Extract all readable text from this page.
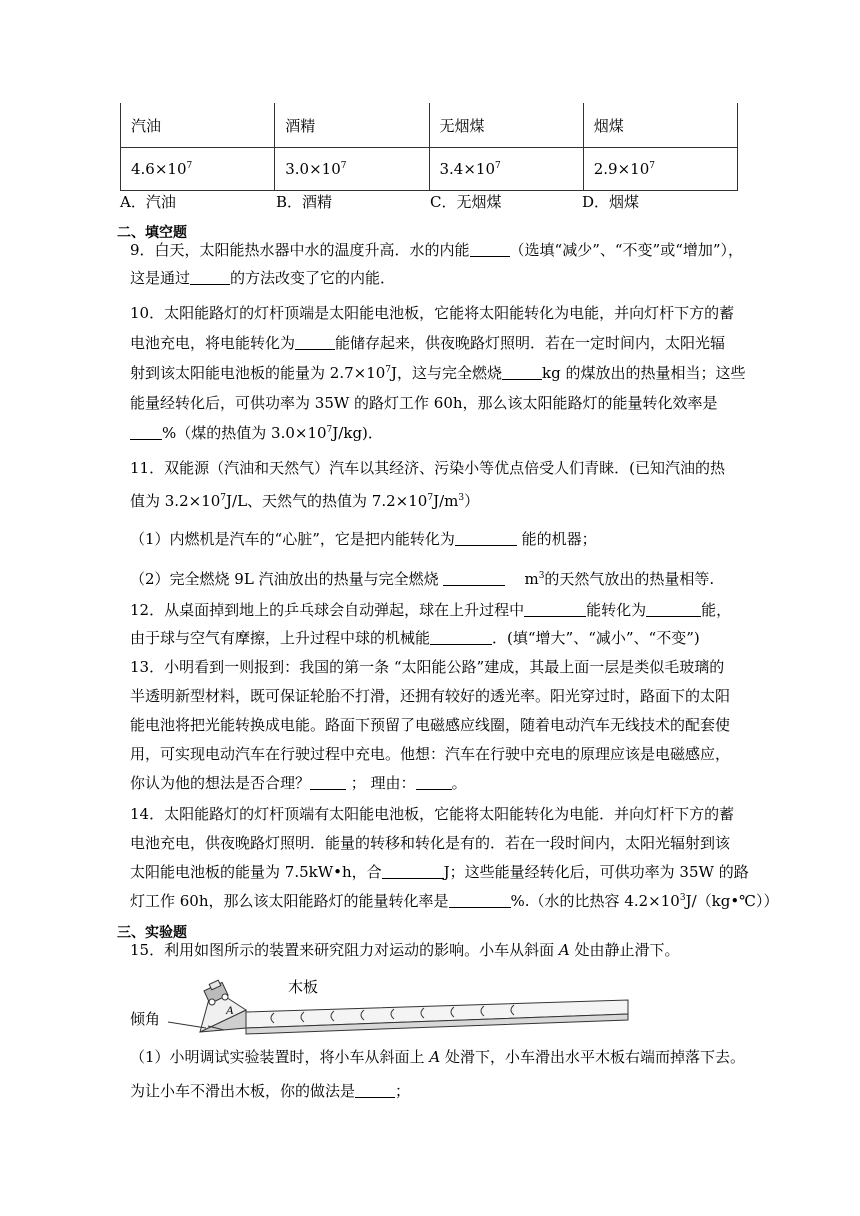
汽油	酒精	无烟煤	烟煤
$4.6\times 10^7$	$3.0\times 10^7$	$3.4\times 10^7$	$2.9\times 10^7$
A．汽油	B．酒精	C．无烟煤	D．烟煤
二、填空题
9．白天，太阳能热水器中水的温度升高．水的内能	（选填“减少”、“不变”或“增加”），
这是通过	的方法改变了它的内能．
10．太阳能路灯的灯杆顶端是太阳能电池板，它能将太阳能转化为电能，并向灯杆下方的蓄
电池充电，将电能转化为	能储存起来，供夜晚路灯照明．若在一定时间内，太阳光辐
射到该太阳能电池板的能量为 $2.7\times 10^7J$，这与完全燃烧	kg 的煤放出的热量相当；这些
能量经转化后，可供功率为 35W 的路灯工作 60h，那么该太阳能路灯的能量转化效率是
%（煤的热值为 $3.0\times 10^7J/kg$)．
11．双能源（汽油和天然气）汽车以其经济、污染小等优点倍受人们青睐．(已知汽油的热
值为 $3.2\times 10^7J/L$、天然气的热值为 $7.2\times 10^7J/m^3$）
（1）内燃机是汽车的“心脏”，它是把内能转化为	能的机器；
（2）完全燃烧 9L 汽油放出的热量与完全燃烧	$m^3$的天然气放出的热量相等.
12．从桌面掉到地上的乒乓球会自动弹起，球在上升过程中	能转化为	能，
由于球与空气有摩擦，上升过程中球的机械能	．(填“增大”、“减小”、“不变”)
13．小明看到一则报到：我国的第一条 “太阳能公路”建成，其最上面一层是类似毛玻璃的
半透明新型材料，既可保证轮胎不打滑，还拥有较好的透光率。阳光穿过时，路面下的太阳
能电池将把光能转换成电能。路面下预留了电磁感应线圈，随着电动汽车无线技术的配套使
用，可实现电动汽车在行驶过程中充电。他想：汽车在行驶中充电的原理应该是电磁感应，
你认为他的想法是否合理？ ； 理由： 。
14．太阳能路灯的灯杆顶端有太阳能电池板，它能将太阳能转化为电能．并向灯杆下方的蓄
电池充电，供夜晚路灯照明．能量的转移和转化是有的．若在一段时间内，太阳光辐射到该
太阳能电池板的能量为 7.5kW•h，合	J；这些能量经转化后，可供功率为 35W 的路
灯工作 60h，那么该太阳能路灯的能量转化率是	%.（水的比热容 $4.2\times 10^3J/(kg•℃)$）
三、实验题
15．利用如图所示的装置来研究阻力对运动的影响。小车从斜面 A 处由静止滑下。
A
木板
倾角
（1）小明调试实验装置时，将小车从斜面上 A 处滑下，小车滑出水平木板右端而掉落下去。
为让小车不滑出木板，你的做法是	；
